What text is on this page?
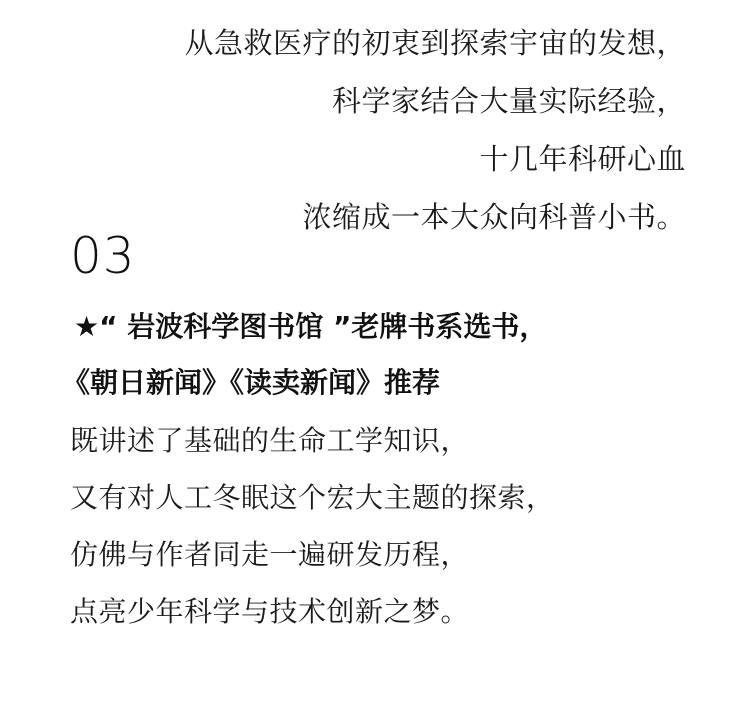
从急救医疗的初衷到探索宇宙的发想，
科学家结合大量实际经验，
十几年科研心血
浓缩成一本大众向科普小书。
03
★“ 岩波科学图书馆 ”老牌书系选书，
《朝日新闻》《读卖新闻》推荐
既讲述了基础的生命工学知识，
又有对人工冬眠这个宏大主题的探索，
仿佛与作者同走一遍研发历程，
点亮少年科学与技术创新之梦。
